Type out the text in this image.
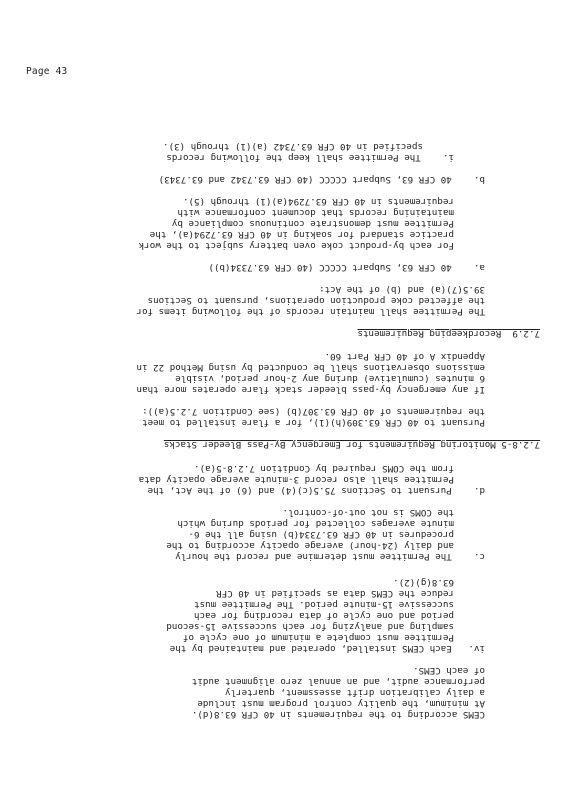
Page 43
CEMS according to the requirements in 40 CFR 63.8(d).
At minimum, the quality control program must include
a daily calibration drift assessment, quarterly
performance audit, and an annual zero alignment audit
of each CEMS.
iv.   Each CEMS installed, operated and maintained by the
Permittee must complete a minimum of one cycle of
sampling and analyzing for each successive 15-second
period and one cycle of data recording for each
successive 15-minute period. The Permittee must
reduce the CEMS data as specified in 40 CFR
63.8(g)(2).
c.    The Permittee must determine and record the hourly
and daily (24-hour) average opacity according to the
procedures in 40 CFR 63.7334(b) using all the 6-
minute averages collected for periods during which
the COMS is not out-of-control.
d.    Pursuant to Sections 75.5(c)(4) and (6) of the Act, the
Permittee shall also record 3-minute average opacity data
from the COMS required by Condition 7.2.8-5(a).
7.2.8-5 Monitoring Requirements for Emergency By-Pass Bleeder Stacks
Pursuant to 40 CFR 63.309(h)(1), for a flare installed to meet
the requirements of 40 CFR 63.307(b) (see Condition 7.2.5(a)):
If any emergency by-pass bleeder stack flare operates more than
6 minutes (cumulative) during any 2-hour period, visible
emissions observations shall be conducted by using Method 22 in
Appendix A of 40 CFR Part 60.
7.2.9  Recordkeeping Requirements
The Permittee shall maintain records of the following items for
the affected coke production operations, pursuant to Sections
39.5(7)(a) and (b) of the Act:
a.    40 CFR 63, Subpart CCCCC (40 CFR 63.7334(b))
For each by-product coke oven battery subject to the work
practice standard for soaking in 40 CFR 63.7294(a), the
Permittee must demonstrate continuous compliance by
maintaining records that document conformance with
requirements in 40 CFR 63.7294(a)(1) through (5).
b.    40 CFR 63, Subpart CCCCC (40 CFR 63.7342 and 63.7343)
i.    The Permittee shall keep the following records
specified in 40 CFR 63.7342 (a)(1) through (3).
